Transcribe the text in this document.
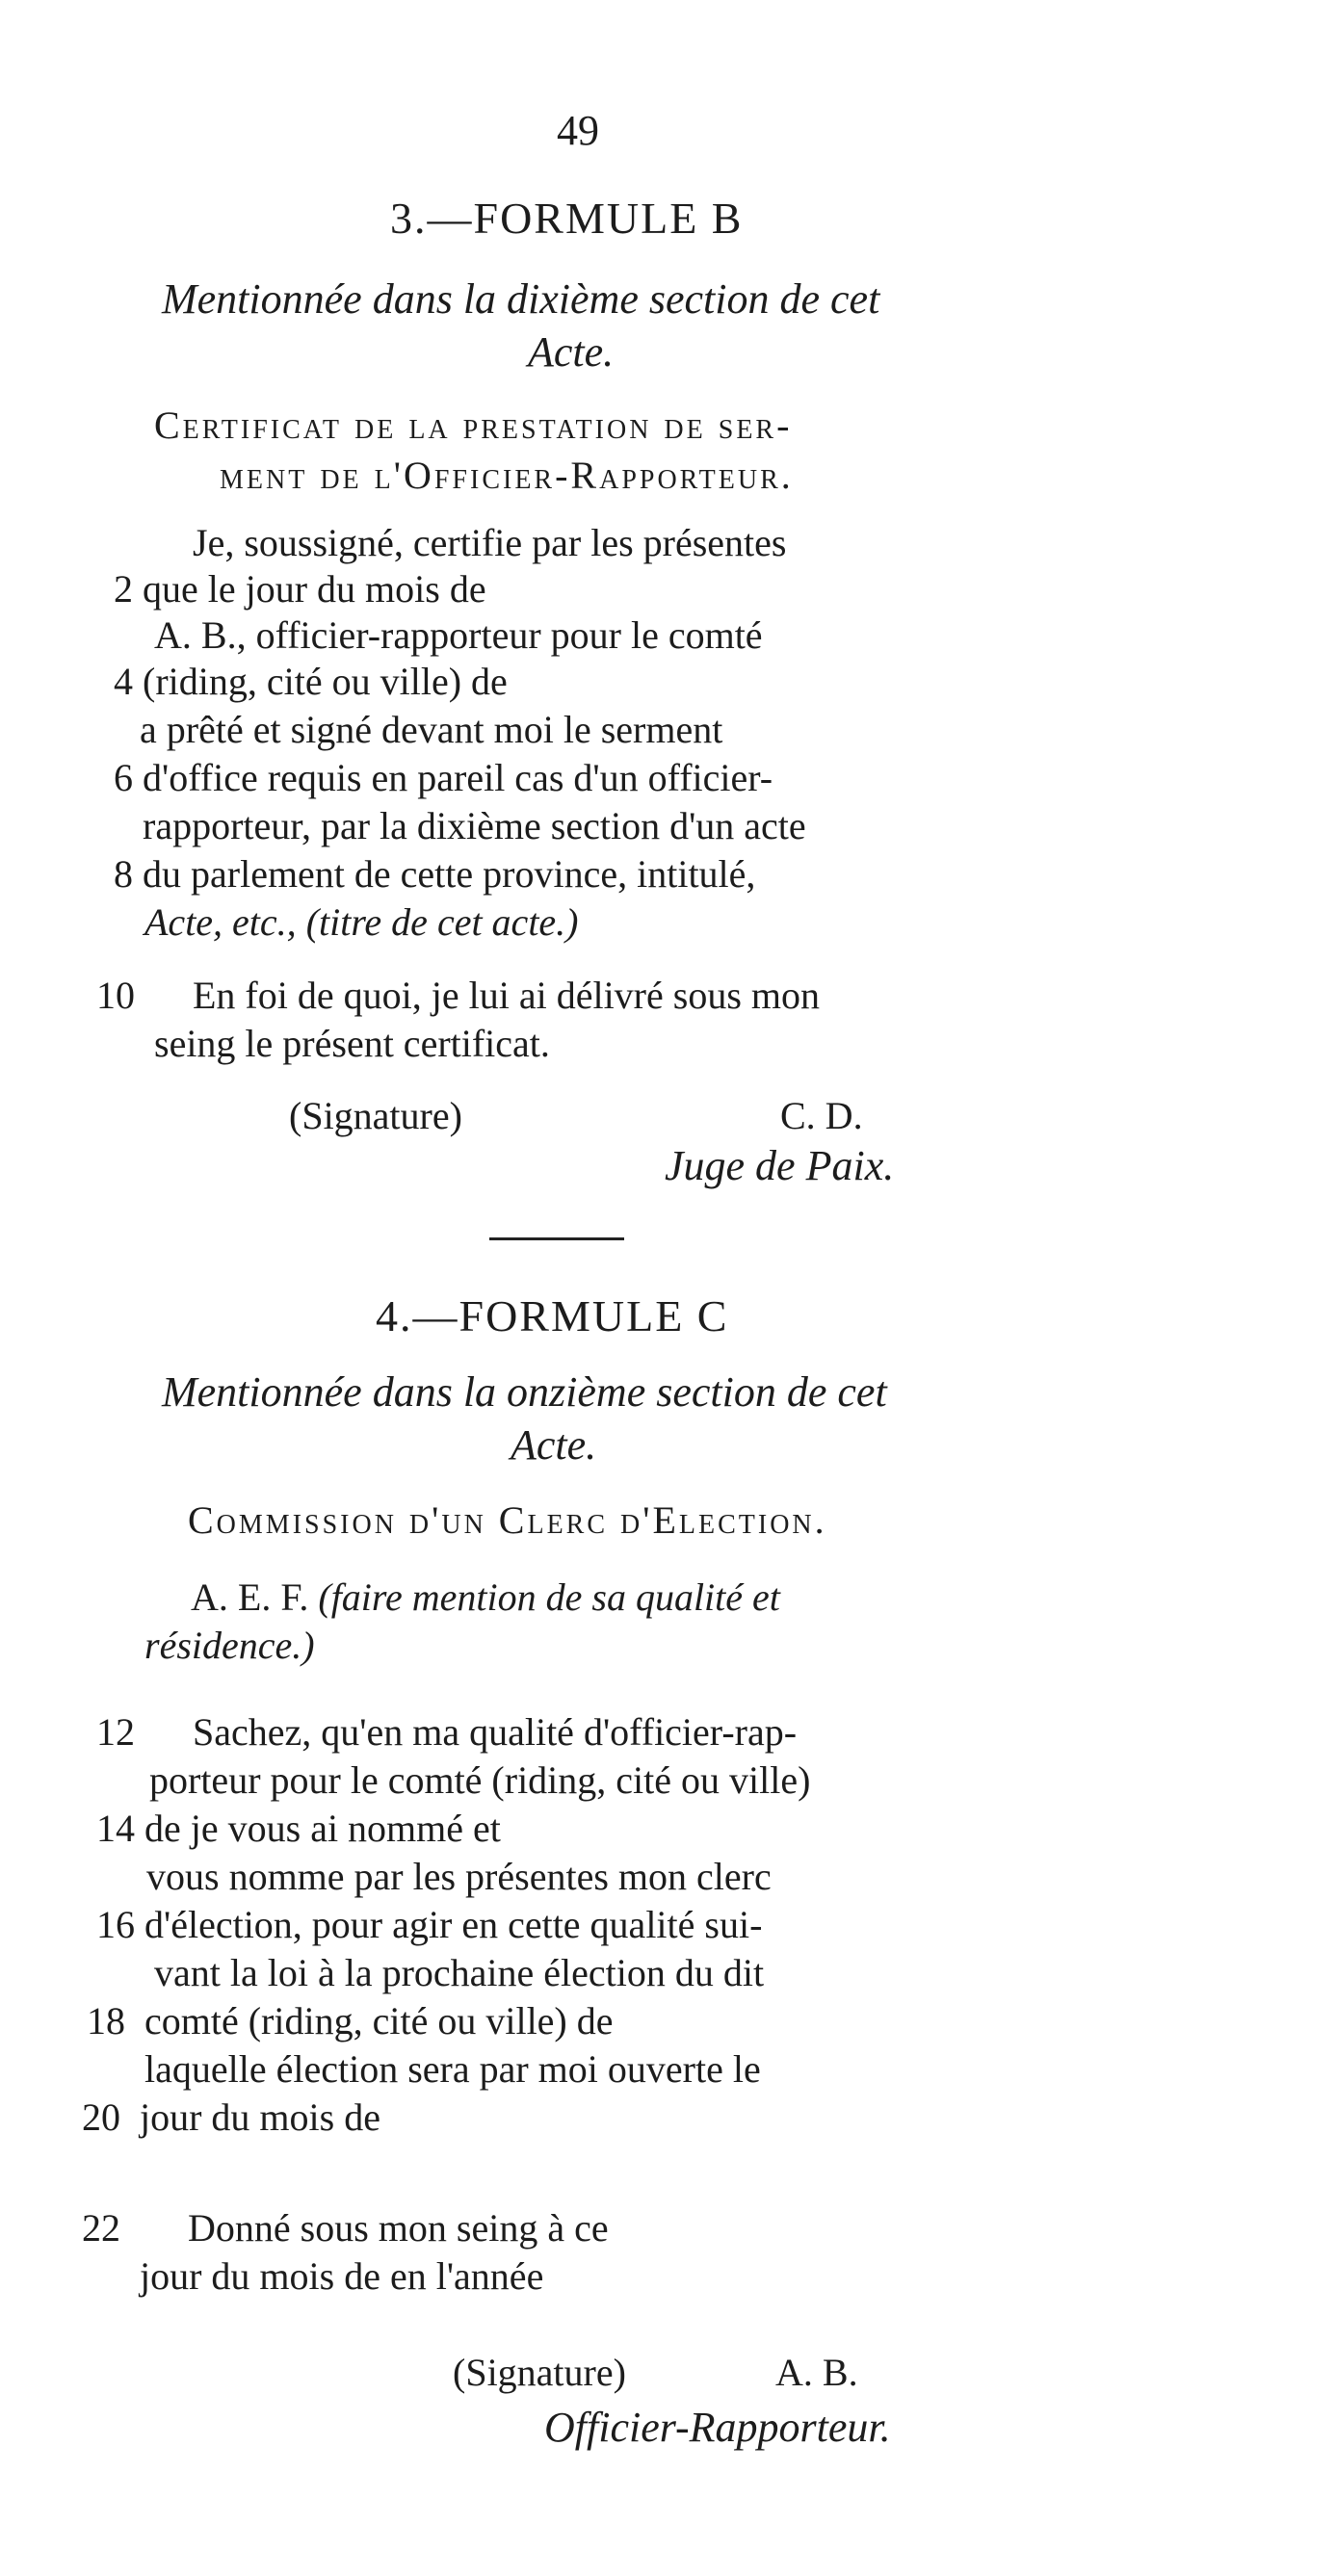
49
3.—FORMULE B
Mentionnée dans la dixième section de cet
Acte.
Certificat de la prestation de ser-
ment de l'Officier-Rapporteur.
Je, soussigné, certifie par les présentes
2 que le jour du mois de
A. B., officier-rapporteur pour le comté
4 (riding, cité ou ville) de
a prêté et signé devant moi le serment
6 d'office requis en pareil cas d'un officier-
rapporteur, par la dixième section d'un acte
8 du parlement de cette province, intitulé,
Acte, etc., (titre de cet acte.)
10 En foi de quoi, je lui ai délivré sous mon
seing le présent certificat.
(Signature)	C. D.
Juge de Paix.
4.—FORMULE C
Mentionnée dans la onzième section de cet
Acte.
Commission d'un Clerc d'Election.
A. E. F. (faire mention de sa qualité et
résidence.)
12 Sachez, qu'en ma qualité d'officier-rap-
porteur pour le comté (riding, cité ou ville)
14 de je vous ai nommé et
vous nomme par les présentes mon clerc
16 d'élection, pour agir en cette qualité sui-
vant la loi à la prochaine élection du dit
18 comté (riding, cité ou ville) de
laquelle élection sera par moi ouverte le
20 jour du mois de
22 Donné sous mon seing à ce
jour du mois de en l'année
(Signature)	A. B.
Officier-Rapporteur.
